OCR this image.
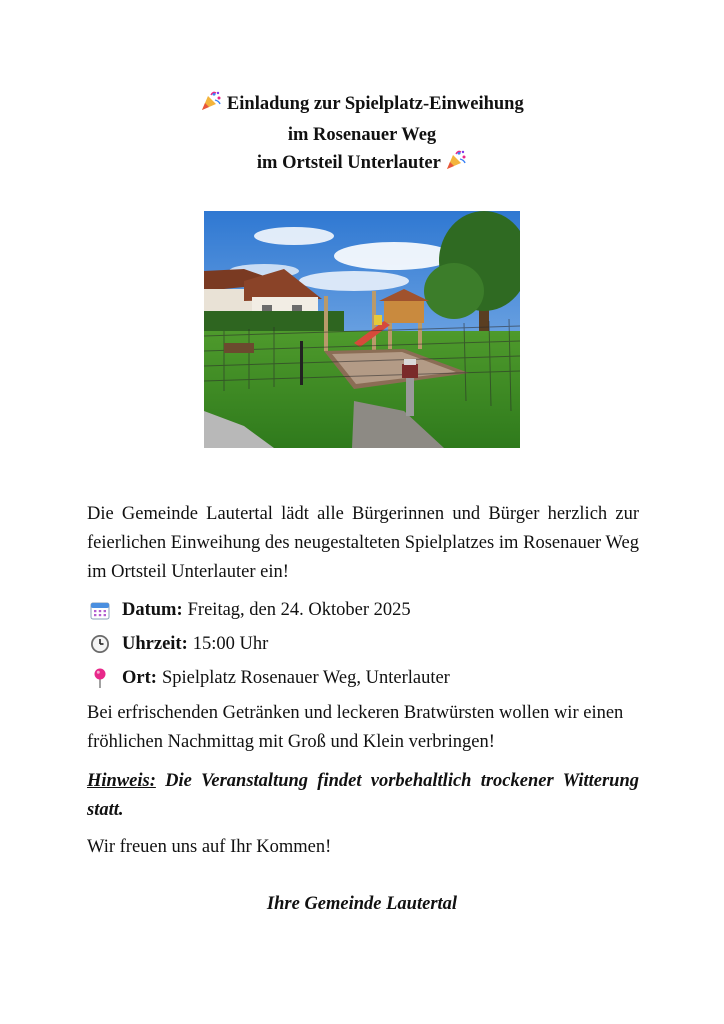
Einladung zur Spielplatz-Einweihung
im Rosenauer Weg
im Ortsteil Unterlauter

Die Gemeinde Lautertal lädt alle Bürgerinnen und Bürger herzlich zur feierlichen Einweihung des neugestalteten Spielplatzes im Rosenauer Weg im Ortsteil Unterlauter ein!

Datum: Freitag, den 24. Oktober 2025
Uhrzeit: 15:00 Uhr
Ort: Spielplatz Rosenauer Weg, Unterlauter

Bei erfrischenden Getränken und leckeren Bratwürsten wollen wir einen fröhlichen Nachmittag mit Groß und Klein verbringen!

Hinweis: Die Veranstaltung findet vorbehaltlich trockener Witterung statt.

Wir freuen uns auf Ihr Kommen!

Ihre Gemeinde Lautertal
